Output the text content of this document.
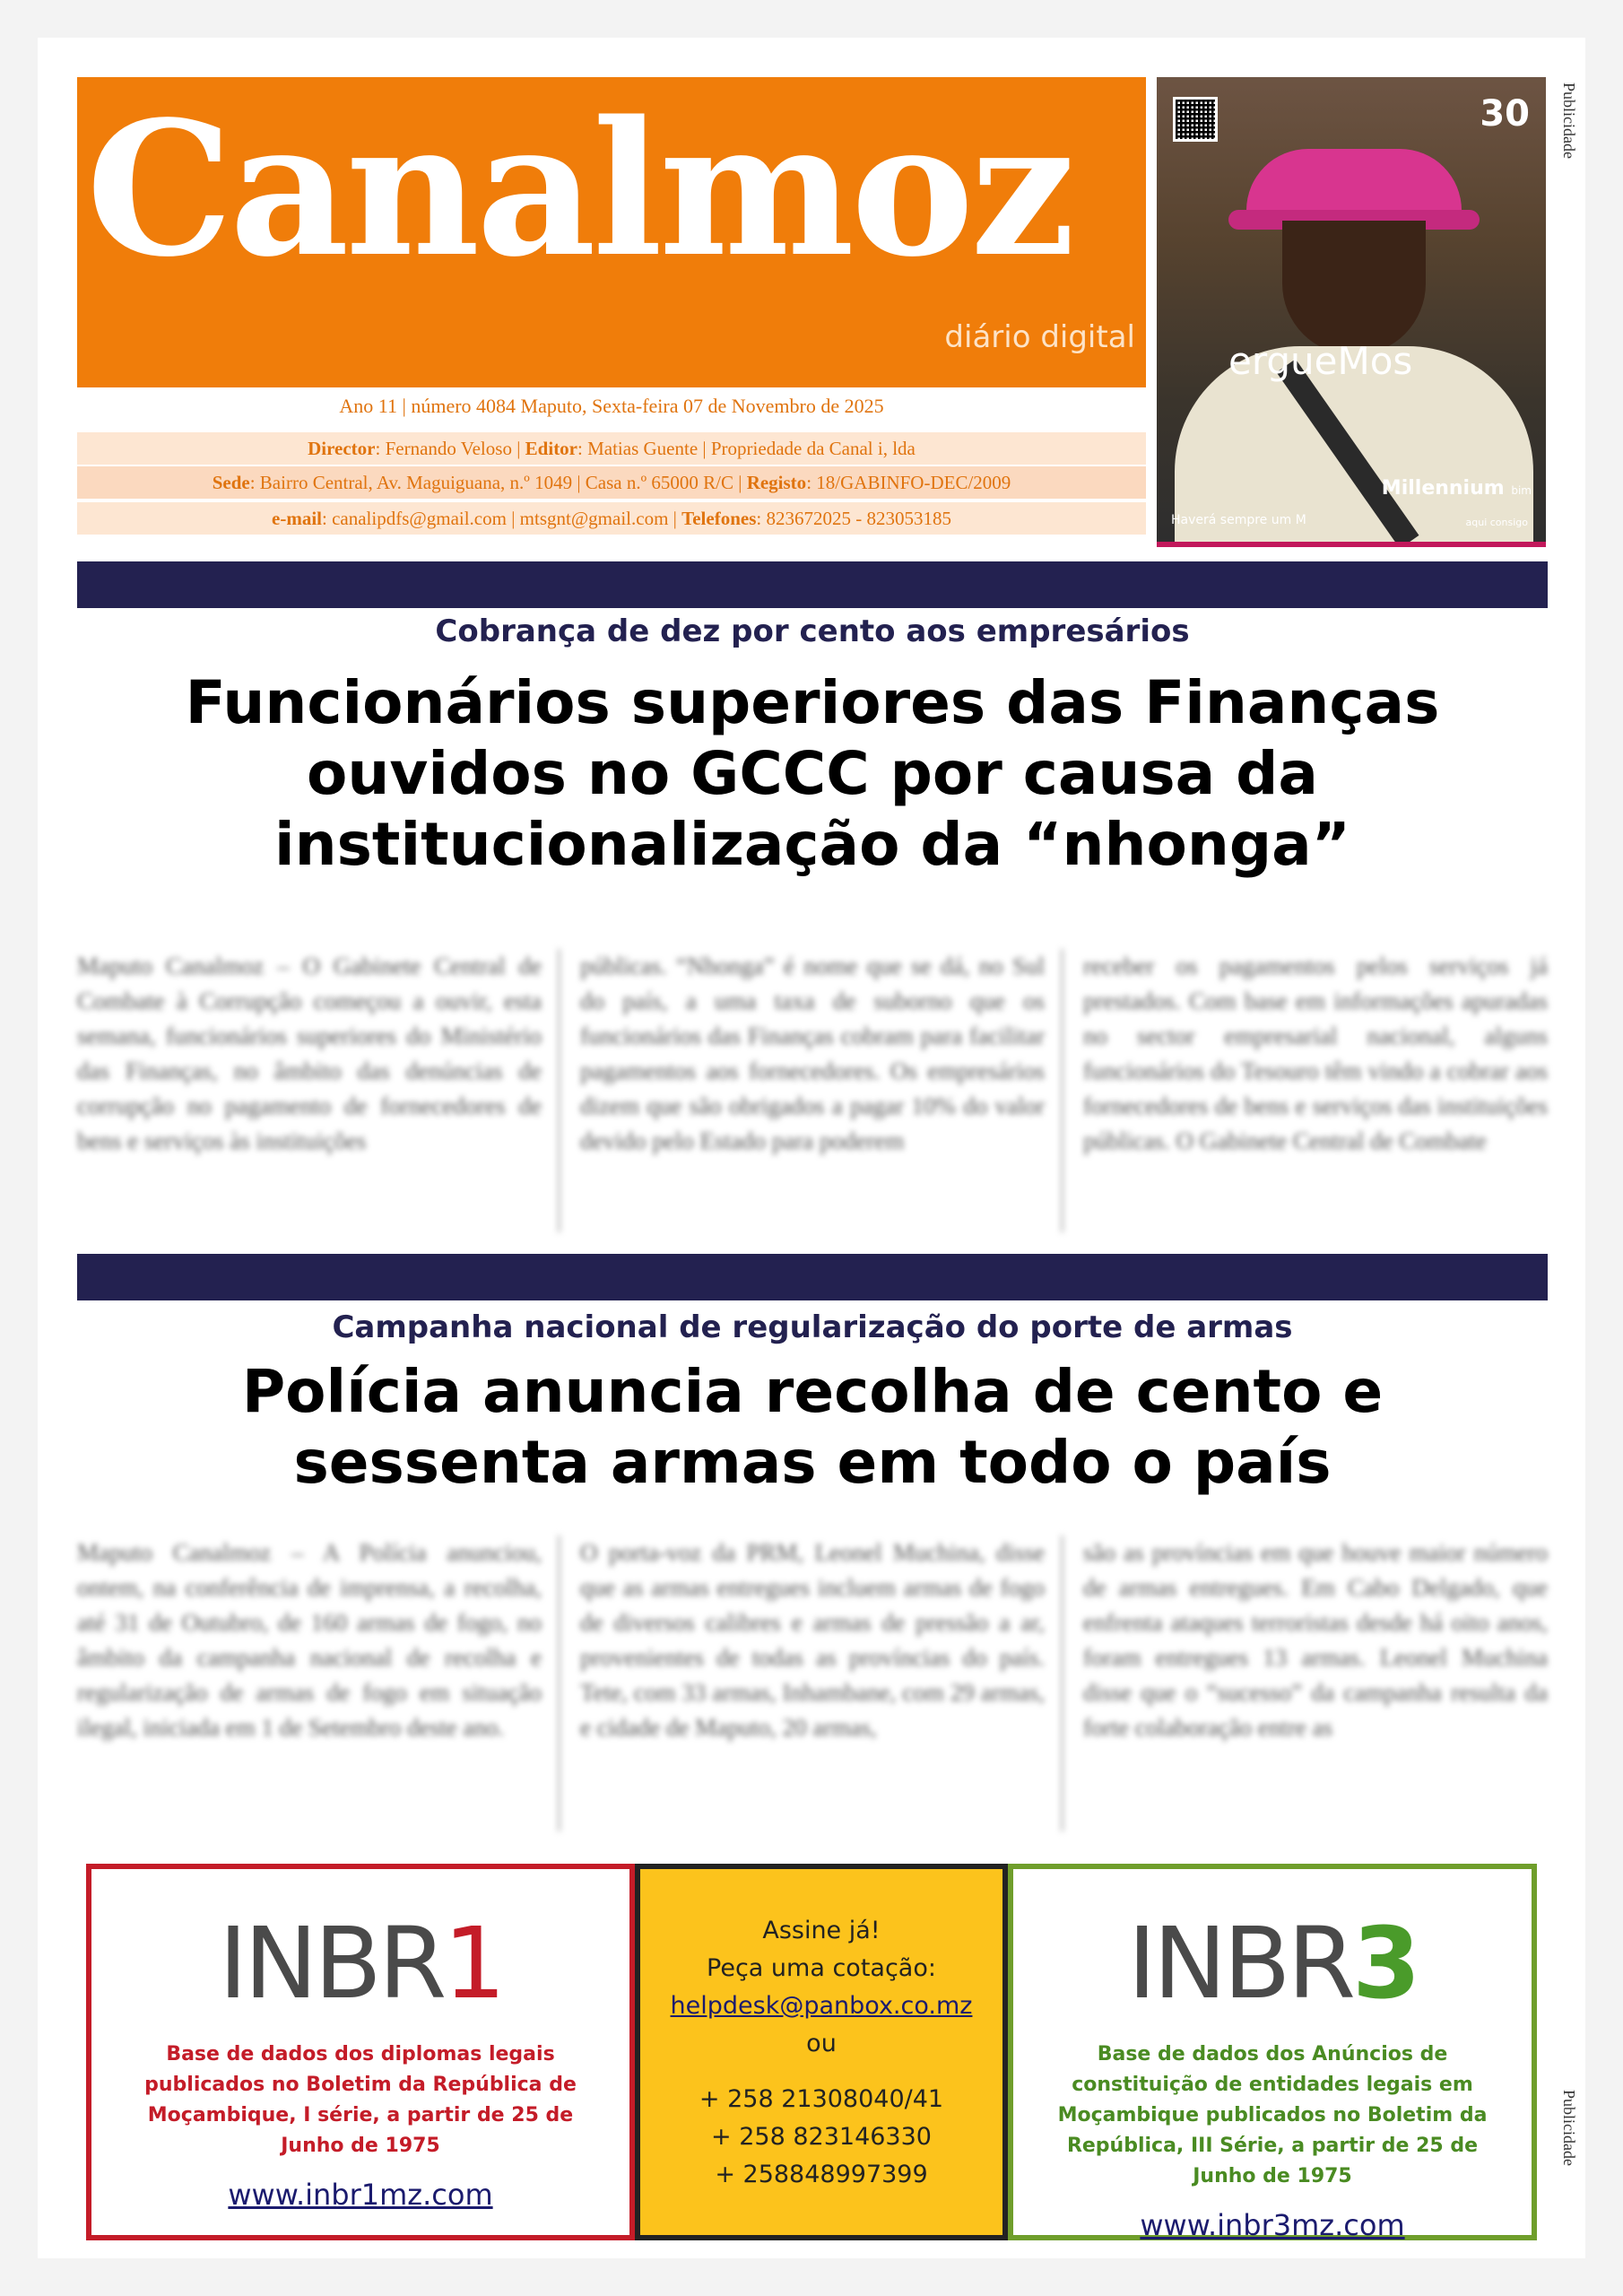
Canalmoz
diário digital
Ano 11 | número 4084 Maputo, Sexta-feira 07 de Novembro de 2025
Director: Fernando Veloso | Editor: Matias Guente | Propriedade da Canal i, lda
Sede: Bairro Central, Av. Maguiguana, n.º 1049 | Casa n.º 65000 R/C | Registo: 18/GABINFO-DEC/2009
e-mail: canalipdfs@gmail.com | mtsgnt@gmail.com | Telefones: 823672025 - 823053185
30
ergueMos
Millennium bim
Haverá sempre um M	aqui consigo
Publicidade
Cobrança de dez por cento aos empresários
Funcionários superiores das Finanças ouvidos no GCCC por causa da institucionalização da “nhonga”
Maputo Canalmoz – O Gabinete Central de Combate à Corrupção começou a ouvir, esta semana, funcionários superiores do Ministério das Finanças, no âmbito das denúncias de corrupção no pagamento de fornecedores de bens e serviços às instituições
públicas. “Nhonga” é nome que se dá, no Sul do país, a uma taxa de suborno que os funcionários das Finanças cobram para facilitar pagamentos aos fornecedores. Os empresários dizem que são obrigados a pagar 10% do valor devido pelo Estado para poderem
receber os pagamentos pelos serviços já prestados. Com base em informações apuradas no sector empresarial nacional, alguns funcionários do Tesouro têm vindo a cobrar aos fornecedores de bens e serviços das instituições públicas. O Gabinete Central de Combate
Campanha nacional de regularização do porte de armas
Polícia anuncia recolha de cento e sessenta armas em todo o país
Maputo Canalmoz – A Polícia anunciou, ontem, na conferência de imprensa, a recolha, até 31 de Outubro, de 160 armas de fogo, no âmbito da campanha nacional de recolha e regularização de armas de fogo em situação ilegal, iniciada em 1 de Setembro deste ano.
O porta-voz da PRM, Leonel Muchina, disse que as armas entregues incluem armas de fogo de diversos calibres e armas de pressão a ar, provenientes de todas as províncias do país. Tete, com 33 armas, Inhambane, com 29 armas, e cidade de Maputo, 20 armas,
são as províncias em que houve maior número de armas entregues. Em Cabo Delgado, que enfrenta ataques terroristas desde há oito anos, foram entregues 13 armas. Leonel Muchina disse que o “sucesso” da campanha resulta da forte colaboração entre as
INBR1
Base de dados dos diplomas legais publicados no Boletim da República de Moçambique, I série, a partir de 25 de Junho de 1975
www.inbr1mz.com
Assine já!
Peça uma cotação:
helpdesk@panbox.co.mz
ou
+ 258 21308040/41
+ 258 823146330
+ 258848997399
INBR3
Base de dados dos Anúncios de constituição de entidades legais em Moçambique publicados no Boletim da República, III Série, a partir de 25 de Junho de 1975
www.inbr3mz.com
Publicidade
